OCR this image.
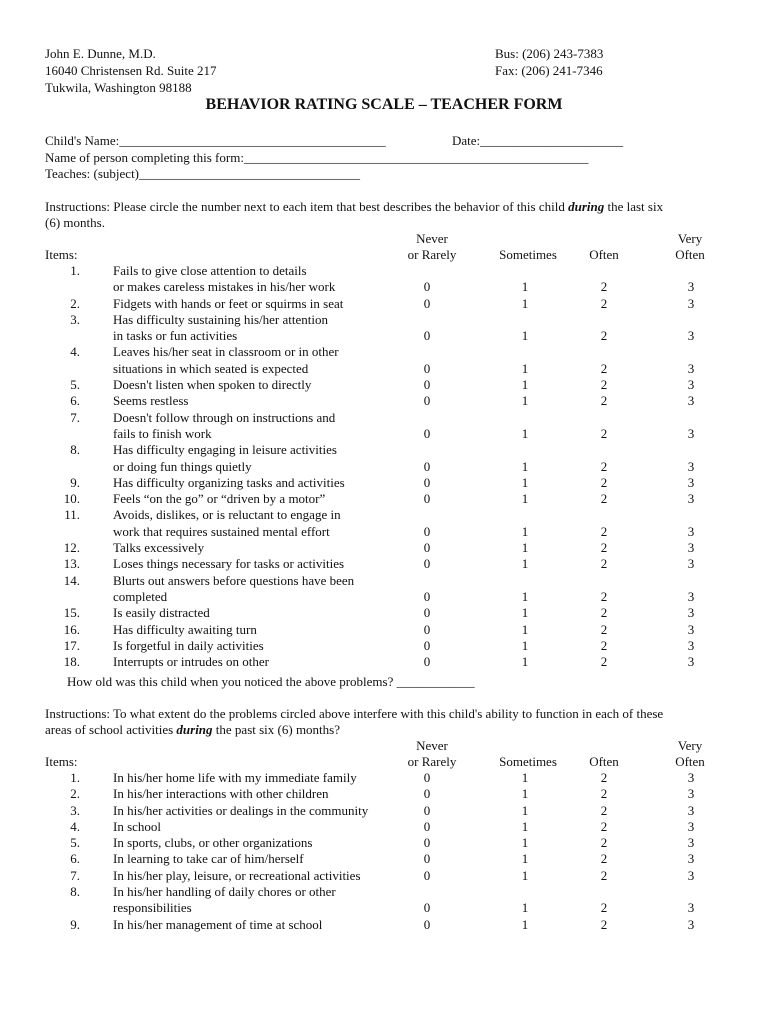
John E. Dunne, M.D.
16040 Christensen Rd. Suite 217
Tukwila, Washington 98188
Bus: (206) 243-7383
Fax: (206) 241-7346
BEHAVIOR RATING SCALE – TEACHER FORM
Child's Name:_________________________________________	Date:______________________
Name of person completing this form:_____________________________________________________
Teaches: (subject)__________________________________
Instructions: Please circle the number next to each item that best describes the behavior of this child during the last six
(6) months.
Never
or Rarely	Sometimes	Often
Very
Often
Items:
1.	Fails to give close attention to details
or makes careless mistakes in his/her work	0	1	2	3
2.	Fidgets with hands or feet or squirms in seat	0	1	2	3
3.	Has difficulty sustaining his/her attention
in tasks or fun activities	0	1	2	3
4.	Leaves his/her seat in classroom or in other
situations in which seated is expected	0	1	2	3
5.	Doesn't listen when spoken to directly	0	1	2	3
6.	Seems restless	0	1	2	3
7.	Doesn't follow through on instructions and
fails to finish work	0	1	2	3
8.	Has difficulty engaging in leisure activities
or doing fun things quietly	0	1	2	3
9.	Has difficulty organizing tasks and activities	0	1	2	3
10.	Feels “on the go” or “driven by a motor”	0	1	2	3
11.	Avoids, dislikes, or is reluctant to engage in
work that requires sustained mental effort	0	1	2	3
12.	Talks excessively	0	1	2	3
13.	Loses things necessary for tasks or activities	0	1	2	3
14.	Blurts out answers before questions have been
completed	0	1	2	3
15.	Is easily distracted	0	1	2	3
16.	Has difficulty awaiting turn	0	1	2	3
17.	Is forgetful in daily activities	0	1	2	3
18.	Interrupts or intrudes on other	0	1	2	3
How old was this child when you noticed the above problems? ____________
Instructions: To what extent do the problems circled above interfere with this child's ability to function in each of these
areas of school activities during the past six (6) months?
Never
or Rarely	Sometimes	Often
Very
Often
Items:
1.	In his/her home life with my immediate family	0	1	2	3
2.	In his/her interactions with other children	0	1	2	3
3.	In his/her activities or dealings in the community	0	1	2	3
4.	In school	0	1	2	3
5.	In sports, clubs, or other organizations	0	1	2	3
6.	In learning to take car of him/herself	0	1	2	3
7.	In his/her play, leisure, or recreational activities	0	1	2	3
8.	In his/her handling of daily chores or other
responsibilities	0	1	2	3
9.	In his/her management of time at school	0	1	2	3
